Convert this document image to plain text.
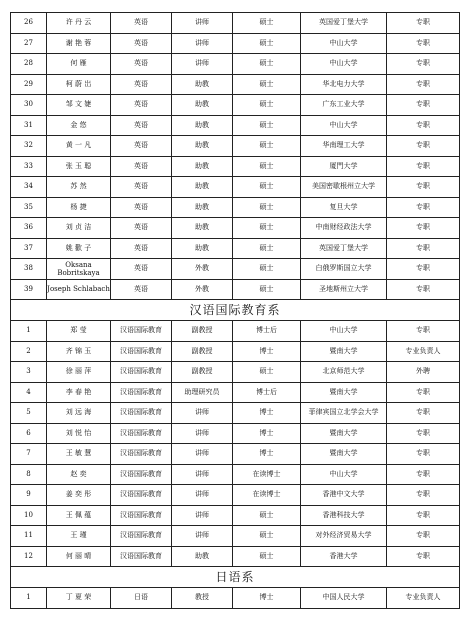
26	许 丹 云	英语	讲师	硕士	英国爱丁堡大学	专职
27	谢 艳 蓉	英语	讲师	硕士	中山大学	专职
28	何 雁	英语	讲师	硕士	中山大学	专职
29	柯 蔚 岀	英语	助教	硕士	华北电力大学	专职
30	邹 文 婕	英语	助教	硕士	广东工业大学	专职
31	金 悠	英语	助教	硕士	中山大学	专职
32	黄 一 凡	英语	助教	硕士	华南理工大学	专职
33	张 玉 聪	英语	助教	硕士	厦門大学	专职
34	苏 然	英语	助教	硕士	美国密歇根州立大学	专职
35	杨 捷	英语	助教	硕士	复旦大学	专职
36	刘 贞 洁	英语	助教	硕士	中南财经政法大学	专职
37	姚 歡 子	英语	助教	硕士	英国爱丁堡大学	专职
38	Oksana Bobritskaya	英语	外教	硕士	白俄罗斯国立大学	专职
39	Joseph Schlabach	英语	外教	硕士	圣地斯州立大学	专职
汉语国际教育系						
1	郑 莹	汉语国际教育	副教授	博士后	中山大学	专职
2	齐 锦 玉	汉语国际教育	副教授	博士	暨南大学	专业负责人
3	徐 丽 萍	汉语国际教育	副教授	硕士	北京师范大学	外聘
4	李 春 艳	汉语国际教育	助理研究员	博士后	暨南大学	专职
5	刘 远 海	汉语国际教育	讲师	博士	菲律宾国立北学会大学	专职
6	刘 悦 怡	汉语国际教育	讲师	博士	暨南大学	专职
7	王 敏 慧	汉语国际教育	讲师	博士	暨南大学	专职
8	赵 奕	汉语国际教育	讲师	在读博士	中山大学	专职
9	姜 奕 彤	汉语国际教育	讲师	在读博士	香港中文大学	专职
10	王 佩 蕴	汉语国际教育	讲师	硕士	香港科技大学	专职
11	王 瑾	汉语国际教育	讲师	硕士	对外经济贸易大学	专职
12	何 丽 晴	汉语国际教育	助教	硕士	香港大学	专职
日语系						
1	丁 夏 荣	日语	教授	博士	中国人民大学	专业负责人
